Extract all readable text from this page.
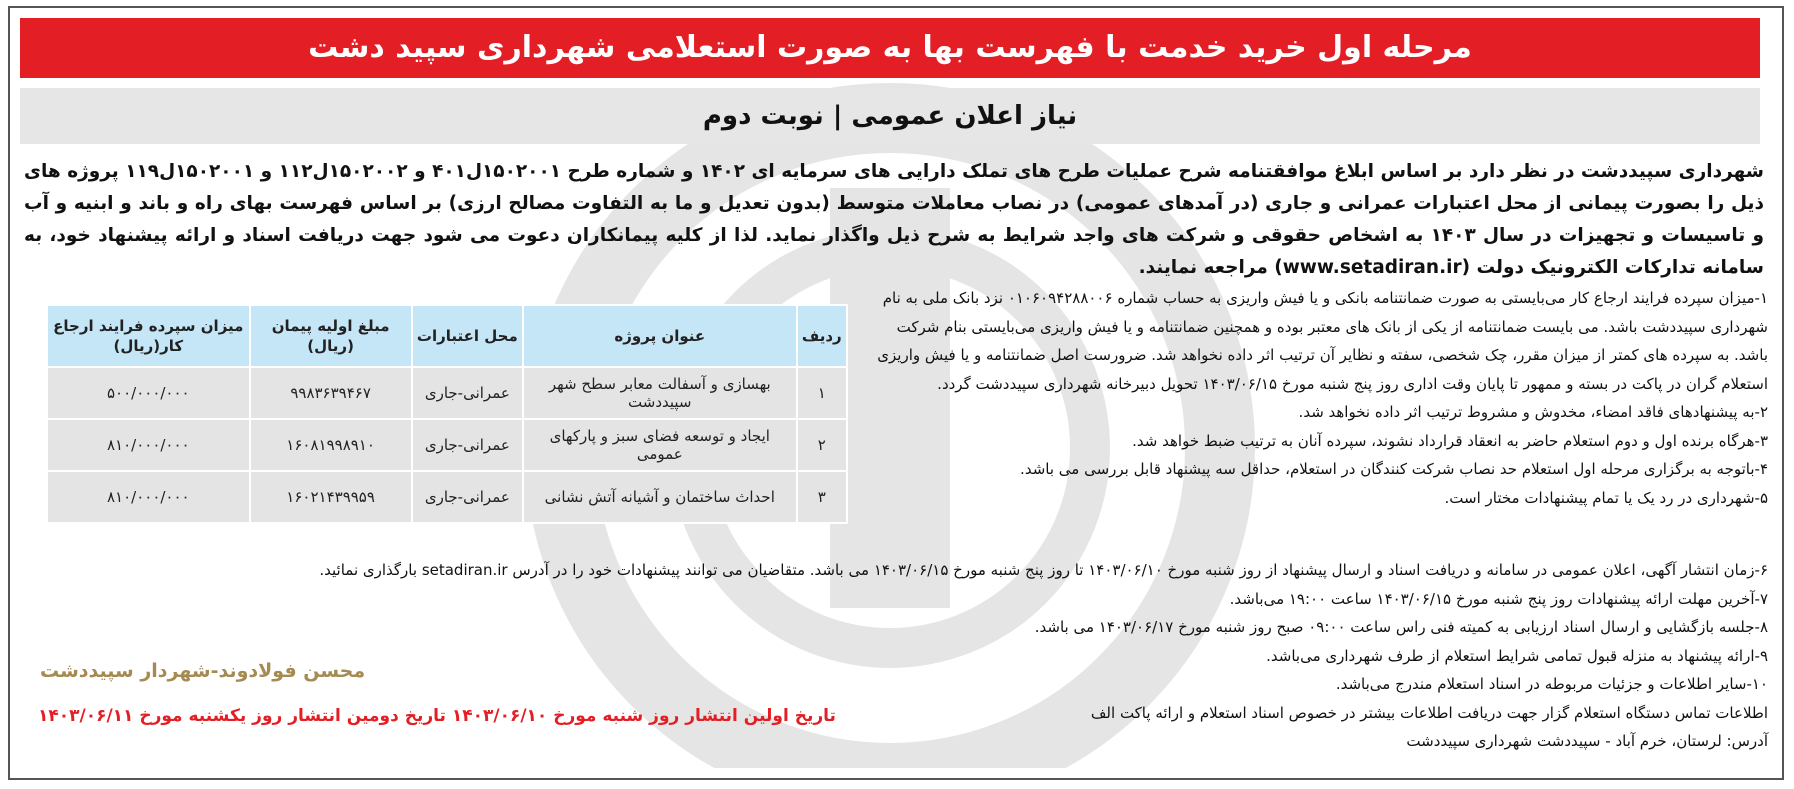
مرحله اول خرید خدمت با فهرست بها به صورت استعلامی شهرداری سپید دشت
نیاز اعلان عمومی | نوبت دوم
شهرداری سپیددشت در نظر دارد بر اساس ابلاغ موافقتنامه شرح عملیات طرح های تملک دارایی های سرمایه ای ۱۴۰۲ و شماره طرح ۱۵۰۲۰۰۱ل۴۰۱ و ۱۵۰۲۰۰۲ل۱۱۲ و ۱۵۰۲۰۰۱ل۱۱۹ پروژه های ذیل را بصورت پیمانی از محل اعتبارات عمرانی و جاری (در آمدهای عمومی) در نصاب معاملات متوسط (بدون تعدیل و ما به التفاوت مصالح ارزی) بر اساس فهرست بهای راه و باند و ابنیه و آب و تاسیسات و تجهیزات در سال ۱۴۰۳ به اشخاص حقوقی و شرکت های واجد شرایط به شرح ذیل واگذار نماید. لذا از کلیه پیمانکاران دعوت می شود جهت دریافت اسناد و ارائه پیشنهاد خود، به سامانه تدارکات الکترونیک دولت (www.setadiran.ir) مراجعه نمایند.
۱-میزان سپرده فرایند ارجاع کار می‌بایستی به صورت ضمانتنامه بانکی و یا فیش واریزی به حساب شماره ۰۱۰۶۰۹۴۲۸۸۰۰۶ نزد بانک ملی به نام شهرداری سپیددشت باشد. می بایست ضمانتنامه از یکی از بانک های معتبر بوده و همچنین ضمانتنامه و یا فیش واریزی می‌بایستی بنام شرکت باشد. به سپرده های کمتر از میزان مقرر، چک شخصی، سفته و نظایر آن ترتیب اثر داده نخواهد شد. ضرورست اصل ضمانتنامه و یا فیش واریزی استعلام گران در پاکت در بسته و ممهور تا پایان وقت اداری روز پنج شنبه مورخ ۱۴۰۳/۰۶/۱۵ تحویل دبیرخانه شهرداری سپیددشت گردد.
۲-به پیشنهادهای فاقد امضاء، مخدوش و مشروط ترتیب اثر داده نخواهد شد.
۳-هرگاه برنده اول و دوم استعلام حاضر به انعقاد قرارداد نشوند، سپرده آنان به ترتیب ضبط خواهد شد.
۴-باتوجه به برگزاری مرحله اول استعلام حد نصاب شرکت کنندگان در استعلام، حداقل سه پیشنهاد قابل بررسی می باشد.
۵-شهرداری در رد یک یا تمام پیشنهادات مختار است.
۶-زمان انتشار آگهی، اعلان عمومی در سامانه و دریافت اسناد و ارسال پیشنهاد از روز شنبه مورخ ۱۴۰۳/۰۶/۱۰ تا روز پنج شنبه مورخ ۱۴۰۳/۰۶/۱۵ می باشد. متقاضیان می توانند پیشنهادات خود را در آدرس setadiran.ir بارگذاری نمائید.
۷-آخرین مهلت ارائه پیشنهادات روز پنج شنبه مورخ ۱۴۰۳/۰۶/۱۵ ساعت ۱۹:۰۰ می‌باشد.
۸-جلسه بازگشایی و ارسال اسناد ارزیابی به کمیته فنی راس ساعت ۰۹:۰۰ صبح روز شنبه مورخ ۱۴۰۳/۰۶/۱۷ می باشد.
۹-ارائه پیشنهاد به منزله قبول تمامی شرایط استعلام از طرف شهرداری می‌باشد.
۱۰-سایر اطلاعات و جزئیات مربوطه در اسناد استعلام مندرج می‌باشد.
اطلاعات تماس دستگاه استعلام گزار جهت دریافت اطلاعات بیشتر در خصوص اسناد استعلام و ارائه پاکت الف
آدرس: لرستان، خرم آباد - سپیددشت شهرداری سپیددشت
ردیف	عنوان پروژه	محل اعتبارات	مبلغ اولیه پیمان (ریال)	میزان سپرده فرایند ارجاع کار(ریال)
۱	بهسازی و آسفالت معابر سطح شهر سپیددشت	عمرانی-جاری	۹۹۸۳۶۳۹۴۶۷	۵۰۰/۰۰۰/۰۰۰
۲	ایجاد و توسعه فضای سبز و پارکهای عمومی	عمرانی-جاری	۱۶۰۸۱۹۹۸۹۱۰	۸۱۰/۰۰۰/۰۰۰
۳	احداث ساختمان و آشیانه آتش نشانی	عمرانی-جاری	۱۶۰۲۱۴۳۹۹۵۹	۸۱۰/۰۰۰/۰۰۰
محسن فولادوند-شهردار سپیددشت
تاریخ اولین انتشار روز شنبه مورخ ۱۴۰۳/۰۶/۱۰ تاریخ دومین انتشار روز یکشنبه مورخ ۱۴۰۳/۰۶/۱۱
